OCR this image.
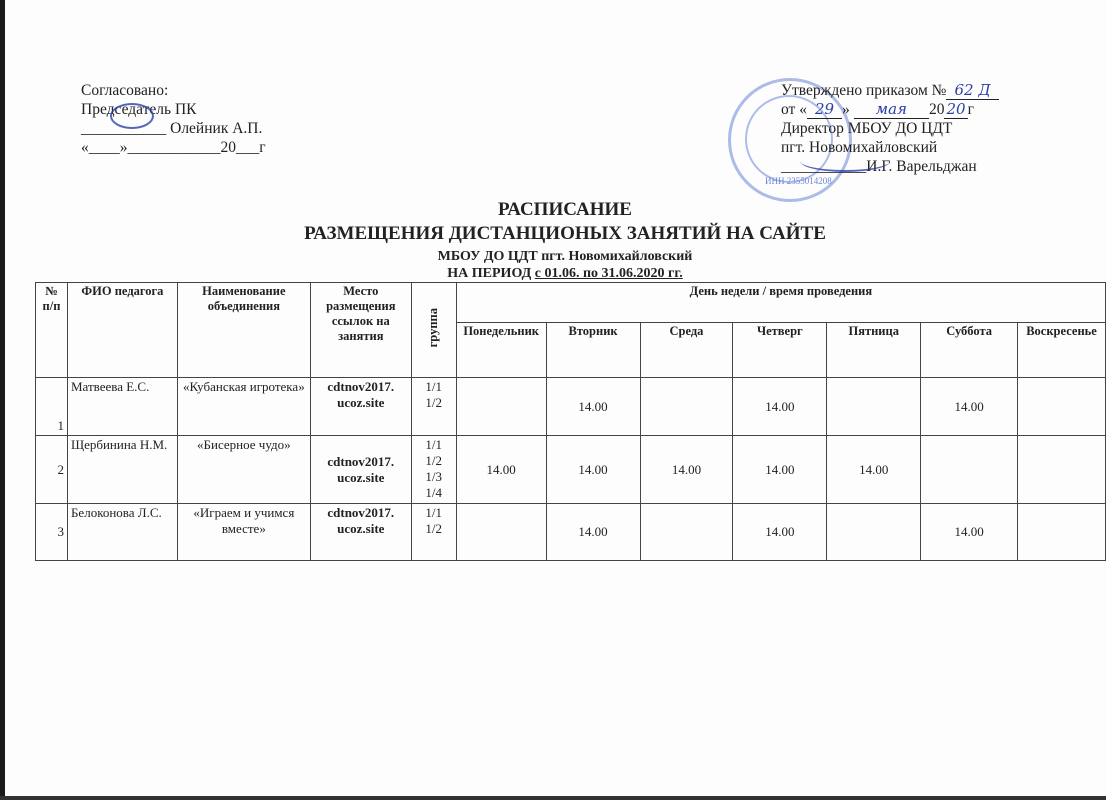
Согласовано:
Председатель ПК
___________ Олейник А.П.
«____»____________20___г
Утверждено приказом № 62 Д
от « 29 » мая 20 20 г
Директор МБОУ ДО ЦДТ
пгт. Новомихайловский
___________И.Г. Варельджан
ИНН 2355014208
РАСПИСАНИЕ
РАЗМЕЩЕНИЯ ДИСТАНЦИОНЫХ ЗАНЯТИЙ НА САЙТЕ
МБОУ ДО ЦДТ пгт. Новомихайловский
НА ПЕРИОД с 01.06. по 31.06.2020 гг.
№ п/п	ФИО педагога	Наименование объединения	Место размещения ссылок на занятия	группа	День недели / время проведения						
					Понедельник	Вторник	Среда	Четверг	Пятница	Суббота	Воскресенье
1	Матвеева Е.С.	«Кубанская игротека»	cdtnov2017. ucoz.site	1/1 1/2		14.00		14.00		14.00	
2	Щербинина Н.М.	«Бисерное чудо»	cdtnov2017. ucoz.site	1/1 1/2 1/3 1/4	14.00	14.00	14.00	14.00	14.00		
3	Белоконова Л.С.	«Играем и учимся вместе»	cdtnov2017. ucoz.site	1/1 1/2		14.00		14.00		14.00	
